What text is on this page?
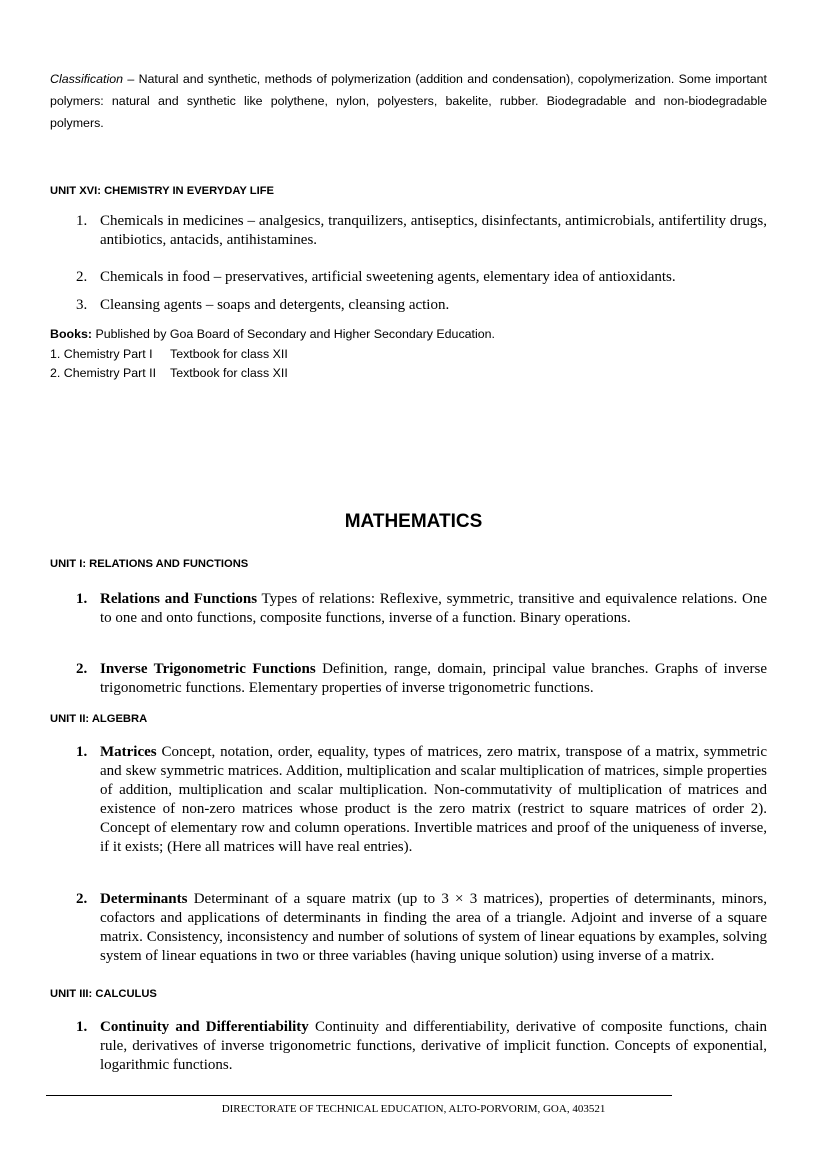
Classification – Natural and synthetic, methods of polymerization (addition and condensation), copolymerization. Some important polymers: natural and synthetic like polythene, nylon, polyesters, bakelite, rubber. Biodegradable and non-biodegradable polymers.
UNIT XVI: CHEMISTRY IN EVERYDAY LIFE
1. Chemicals in medicines – analgesics, tranquilizers, antiseptics, disinfectants, antimicrobials, antifertility drugs, antibiotics, antacids, antihistamines.
2. Chemicals in food – preservatives, artificial sweetening agents, elementary idea of antioxidants.
3. Cleansing agents – soaps and detergents, cleansing action.
Books: Published by Goa Board of Secondary and Higher Secondary Education.
1. Chemistry Part I Textbook for class XII
2. Chemistry Part II Textbook for class XII
MATHEMATICS
UNIT I: RELATIONS AND FUNCTIONS
1. Relations and Functions Types of relations: Reflexive, symmetric, transitive and equivalence relations. One to one and onto functions, composite functions, inverse of a function. Binary operations.
2. Inverse Trigonometric Functions Definition, range, domain, principal value branches. Graphs of inverse trigonometric functions. Elementary properties of inverse trigonometric functions.
UNIT II: ALGEBRA
1. Matrices Concept, notation, order, equality, types of matrices, zero matrix, transpose of a matrix, symmetric and skew symmetric matrices. Addition, multiplication and scalar multiplication of matrices, simple properties of addition, multiplication and scalar multiplication. Non-commutativity of multiplication of matrices and existence of non-zero matrices whose product is the zero matrix (restrict to square matrices of order 2). Concept of elementary row and column operations. Invertible matrices and proof of the uniqueness of inverse, if it exists; (Here all matrices will have real entries).
2. Determinants Determinant of a square matrix (up to 3 × 3 matrices), properties of determinants, minors, cofactors and applications of determinants in finding the area of a triangle. Adjoint and inverse of a square matrix. Consistency, inconsistency and number of solutions of system of linear equations by examples, solving system of linear equations in two or three variables (having unique solution) using inverse of a matrix.
UNIT III: CALCULUS
1. Continuity and Differentiability Continuity and differentiability, derivative of composite functions, chain rule, derivatives of inverse trigonometric functions, derivative of implicit function. Concepts of exponential, logarithmic functions.
DIRECTORATE OF TECHNICAL EDUCATION, ALTO-PORVORIM, GOA, 403521
